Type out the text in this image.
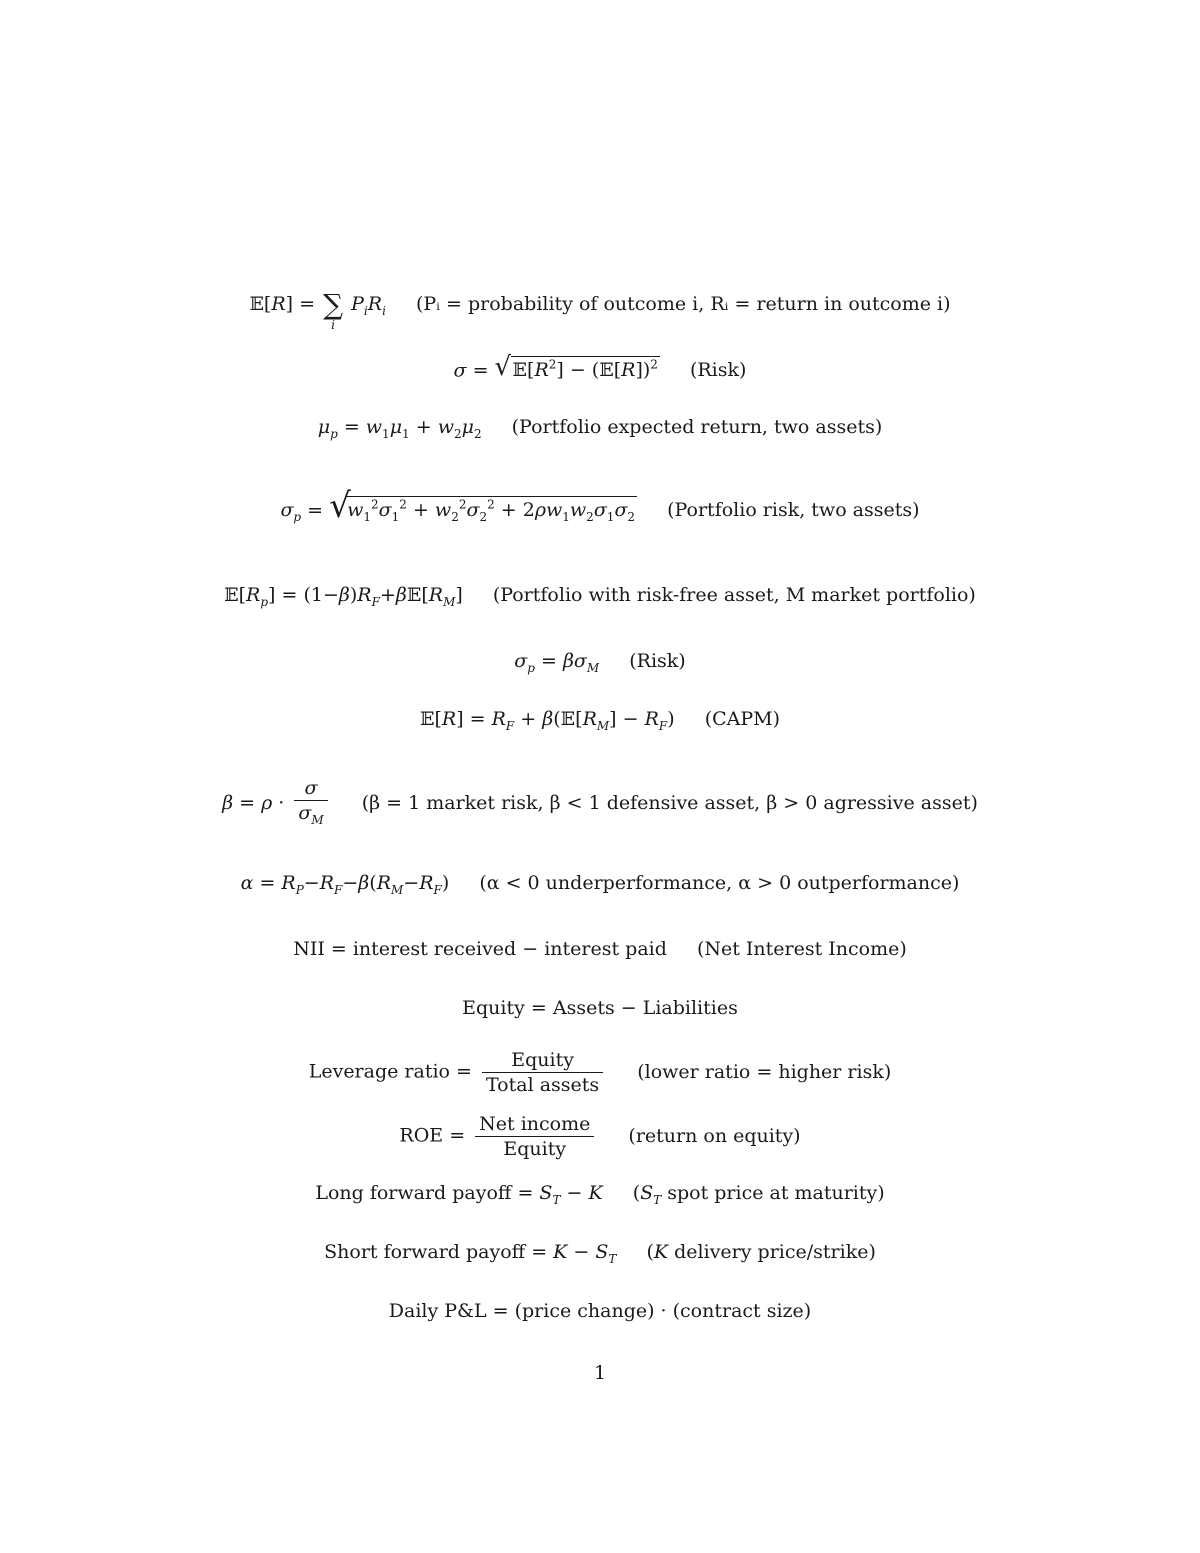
𝔼[R] = ∑
i
$P_iR_i$ (Pᵢ = probability of outcome i, Rᵢ = return in outcome i)
σ = √ $𝔼[R^2]$ − (𝔼[R])$^2$ (Risk)
$\mu_p = w_1\mu_1 + w_2\mu_2$ (Portfolio expected return, two assets)
$\sigma_p$ = √
$w_1^2\sigma_1^2 + w_2^2\sigma_2^2 + 2\rho w_1w_2\sigma_1\sigma_2$ (Portfolio risk, two assets)
$𝔼[R_p]$ = $(1-\beta)R_F+\beta 𝔼[R_M]$ (Portfolio with risk-free asset, M market portfolio)
$\sigma_p = \beta\sigma_M$ (Risk)
𝔼[R] = $R_F$ + $\beta(𝔼[R_M] - R_F)$ (CAPM)
$\beta = \rho \cdot \frac{\sigma}{\sigma_M} (\beta = 1$ market risk, β < 1 defensive asset, β > 0 agressive asset)
$\alpha = R_P-R_F-\beta(R_M-R_F) (\alpha < 0$ underperformance, α > 0 outperformance)
NII = interest received − interest paid (Net Interest Income)
Equity = Assets − Liabilities
Leverage ratio = $\frac{\text{Equity}}{\text{Total assets}}$ (lower ratio = higher risk)
ROE = $\frac{\text{Net income}}{\text{Equity}}$ (return on equity)
Long forward payoff = $S_T - K$ ($S_T$ spot price at maturity)
Short forward payoff = $K - S_T$ (K delivery price/strike)
Daily P&L = (price change) · (contract size)
1
